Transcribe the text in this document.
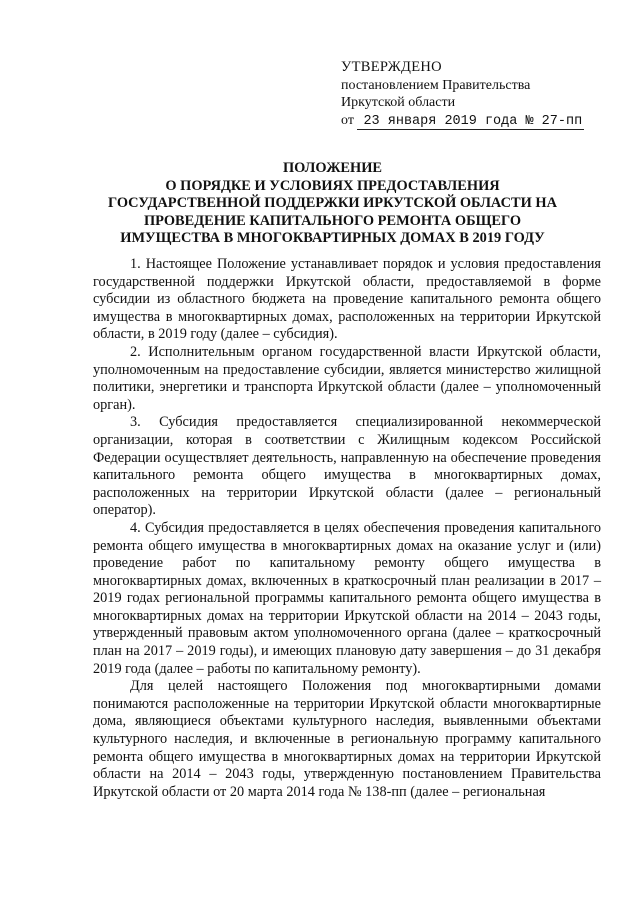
УТВЕРЖДЕНО
постановлением Правительства
Иркутской области
от 23 января 2019 года № 27-пп
ПОЛОЖЕНИЕ
О ПОРЯДКЕ И УСЛОВИЯХ ПРЕДОСТАВЛЕНИЯ
ГОСУДАРСТВЕННОЙ ПОДДЕРЖКИ ИРКУТСКОЙ ОБЛАСТИ НА
ПРОВЕДЕНИЕ КАПИТАЛЬНОГО РЕМОНТА ОБЩЕГО
ИМУЩЕСТВА В МНОГОКВАРТИРНЫХ ДОМАХ В 2019 ГОДУ

1. Настоящее Положение устанавливает порядок и условия предоставления государственной поддержки Иркутской области, предоставляемой в форме субсидии из областного бюджета на проведение капитального ремонта общего имущества в многоквартирных домах, расположенных на территории Иркутской области, в 2019 году (далее – субсидия).

2. Исполнительным органом государственной власти Иркутской области, уполномоченным на предоставление субсидии, является министерство жилищной политики, энергетики и транспорта Иркутской области (далее – уполномоченный орган).

3. Субсидия предоставляется специализированной некоммерческой организации, которая в соответствии с Жилищным кодексом Российской Федерации осуществляет деятельность, направленную на обеспечение проведения капитального ремонта общего имущества в многоквартирных домах, расположенных на территории Иркутской области (далее – региональный оператор).

4. Субсидия предоставляется в целях обеспечения проведения капитального ремонта общего имущества в многоквартирных домах на оказание услуг и (или) проведение работ по капитальному ремонту общего имущества в многоквартирных домах, включенных в краткосрочный план реализации в 2017 – 2019 годах региональной программы капитального ремонта общего имущества в многоквартирных домах на территории Иркутской области на 2014 – 2043 годы, утвержденный правовым актом уполномоченного органа (далее – краткосрочный план на 2017 – 2019 годы), и имеющих плановую дату завершения – до 31 декабря 2019 года (далее – работы по капитальному ремонту).

Для целей настоящего Положения под многоквартирными домами понимаются расположенные на территории Иркутской области многоквартирные дома, являющиеся объектами культурного наследия, выявленными объектами культурного наследия, и включенные в региональную программу капитального ремонта общего имущества в многоквартирных домах на территории Иркутской области на 2014 – 2043 годы, утвержденную постановлением Правительства Иркутской области от 20 марта 2014 года № 138-пп (далее – региональная
